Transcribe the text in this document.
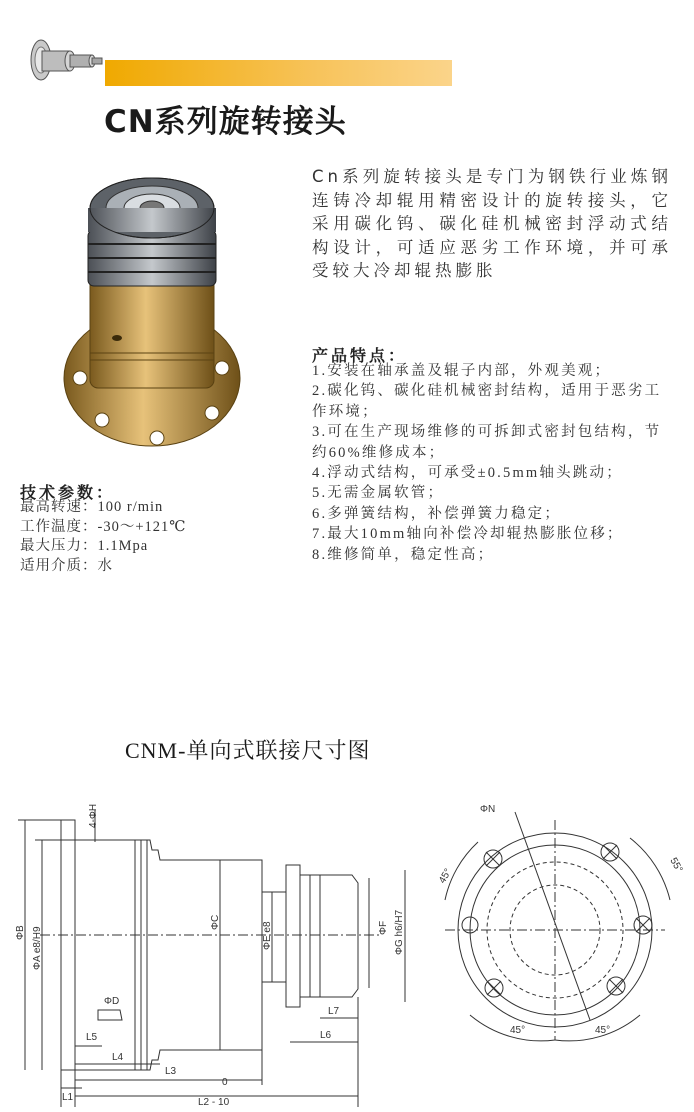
CN系列旋转接头
Cn系列旋转接头是专门为钢铁行业炼钢连铸冷却辊用精密设计的旋转接头，它采用碳化钨、碳化硅机械密封浮动式结构设计，可适应恶劣工作环境，并可承受较大冷却辊热膨胀
产品特点：
1.安装在轴承盖及辊子内部，外观美观；
2.碳化钨、碳化硅机械密封结构，适用于恶劣工作环境；
3.可在生产现场维修的可拆卸式密封包结构，节约60%维修成本；
4.浮动式结构，可承受±0.5mm轴头跳动；
5.无需金属软管；
6.多弹簧结构，补偿弹簧力稳定；
7.最大10mm轴向补偿冷却辊热膨胀位移；
8.维修简单，稳定性高；
技术参数：
最高转速：100 r/min
工作温度：-30～+121℃
最大压力：1.1Mpa
适用介质：水
CNM-单向式联接尺寸图
4-ΦH
ΦB ΦA e8/H9
ΦC
ΦD
ΦE e8	ΦF ΦG h6/H7
L1	L2 - 10
0
L3
L4
L5	L6
L7
ΦN
45°
55°
45°	45°
